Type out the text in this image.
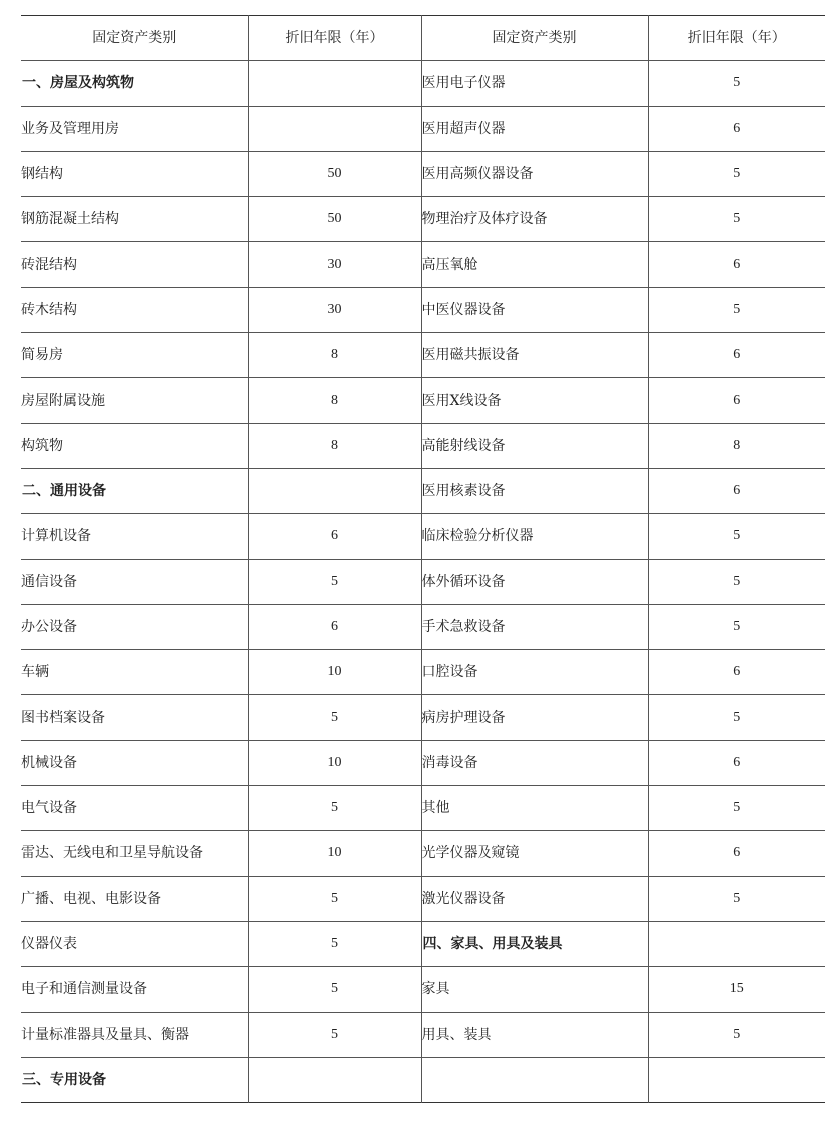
固定资产类别	折旧年限（年）	固定资产类别	折旧年限（年）
一、房屋及构筑物		医用电子仪器	5
业务及管理用房		医用超声仪器	6
钢结构	50	医用高频仪器设备	5
钢筋混凝土结构	50	物理治疗及体疗设备	5
砖混结构	30	高压氧舱	6
砖木结构	30	中医仪器设备	5
简易房	8	医用磁共振设备	6
房屋附属设施	8	医用X线设备	6
构筑物	8	高能射线设备	8
二、通用设备		医用核素设备	6
计算机设备	6	临床检验分析仪器	5
通信设备	5	体外循环设备	5
办公设备	6	手术急救设备	5
车辆	10	口腔设备	6
图书档案设备	5	病房护理设备	5
机械设备	10	消毒设备	6
电气设备	5	其他	5
雷达、无线电和卫星导航设备	10	光学仪器及窥镜	6
广播、电视、电影设备	5	激光仪器设备	5
仪器仪表	5	四、家具、用具及装具	
电子和通信测量设备	5	家具	15
计量标准器具及量具、衡器	5	用具、装具	5
三、专用设备			
